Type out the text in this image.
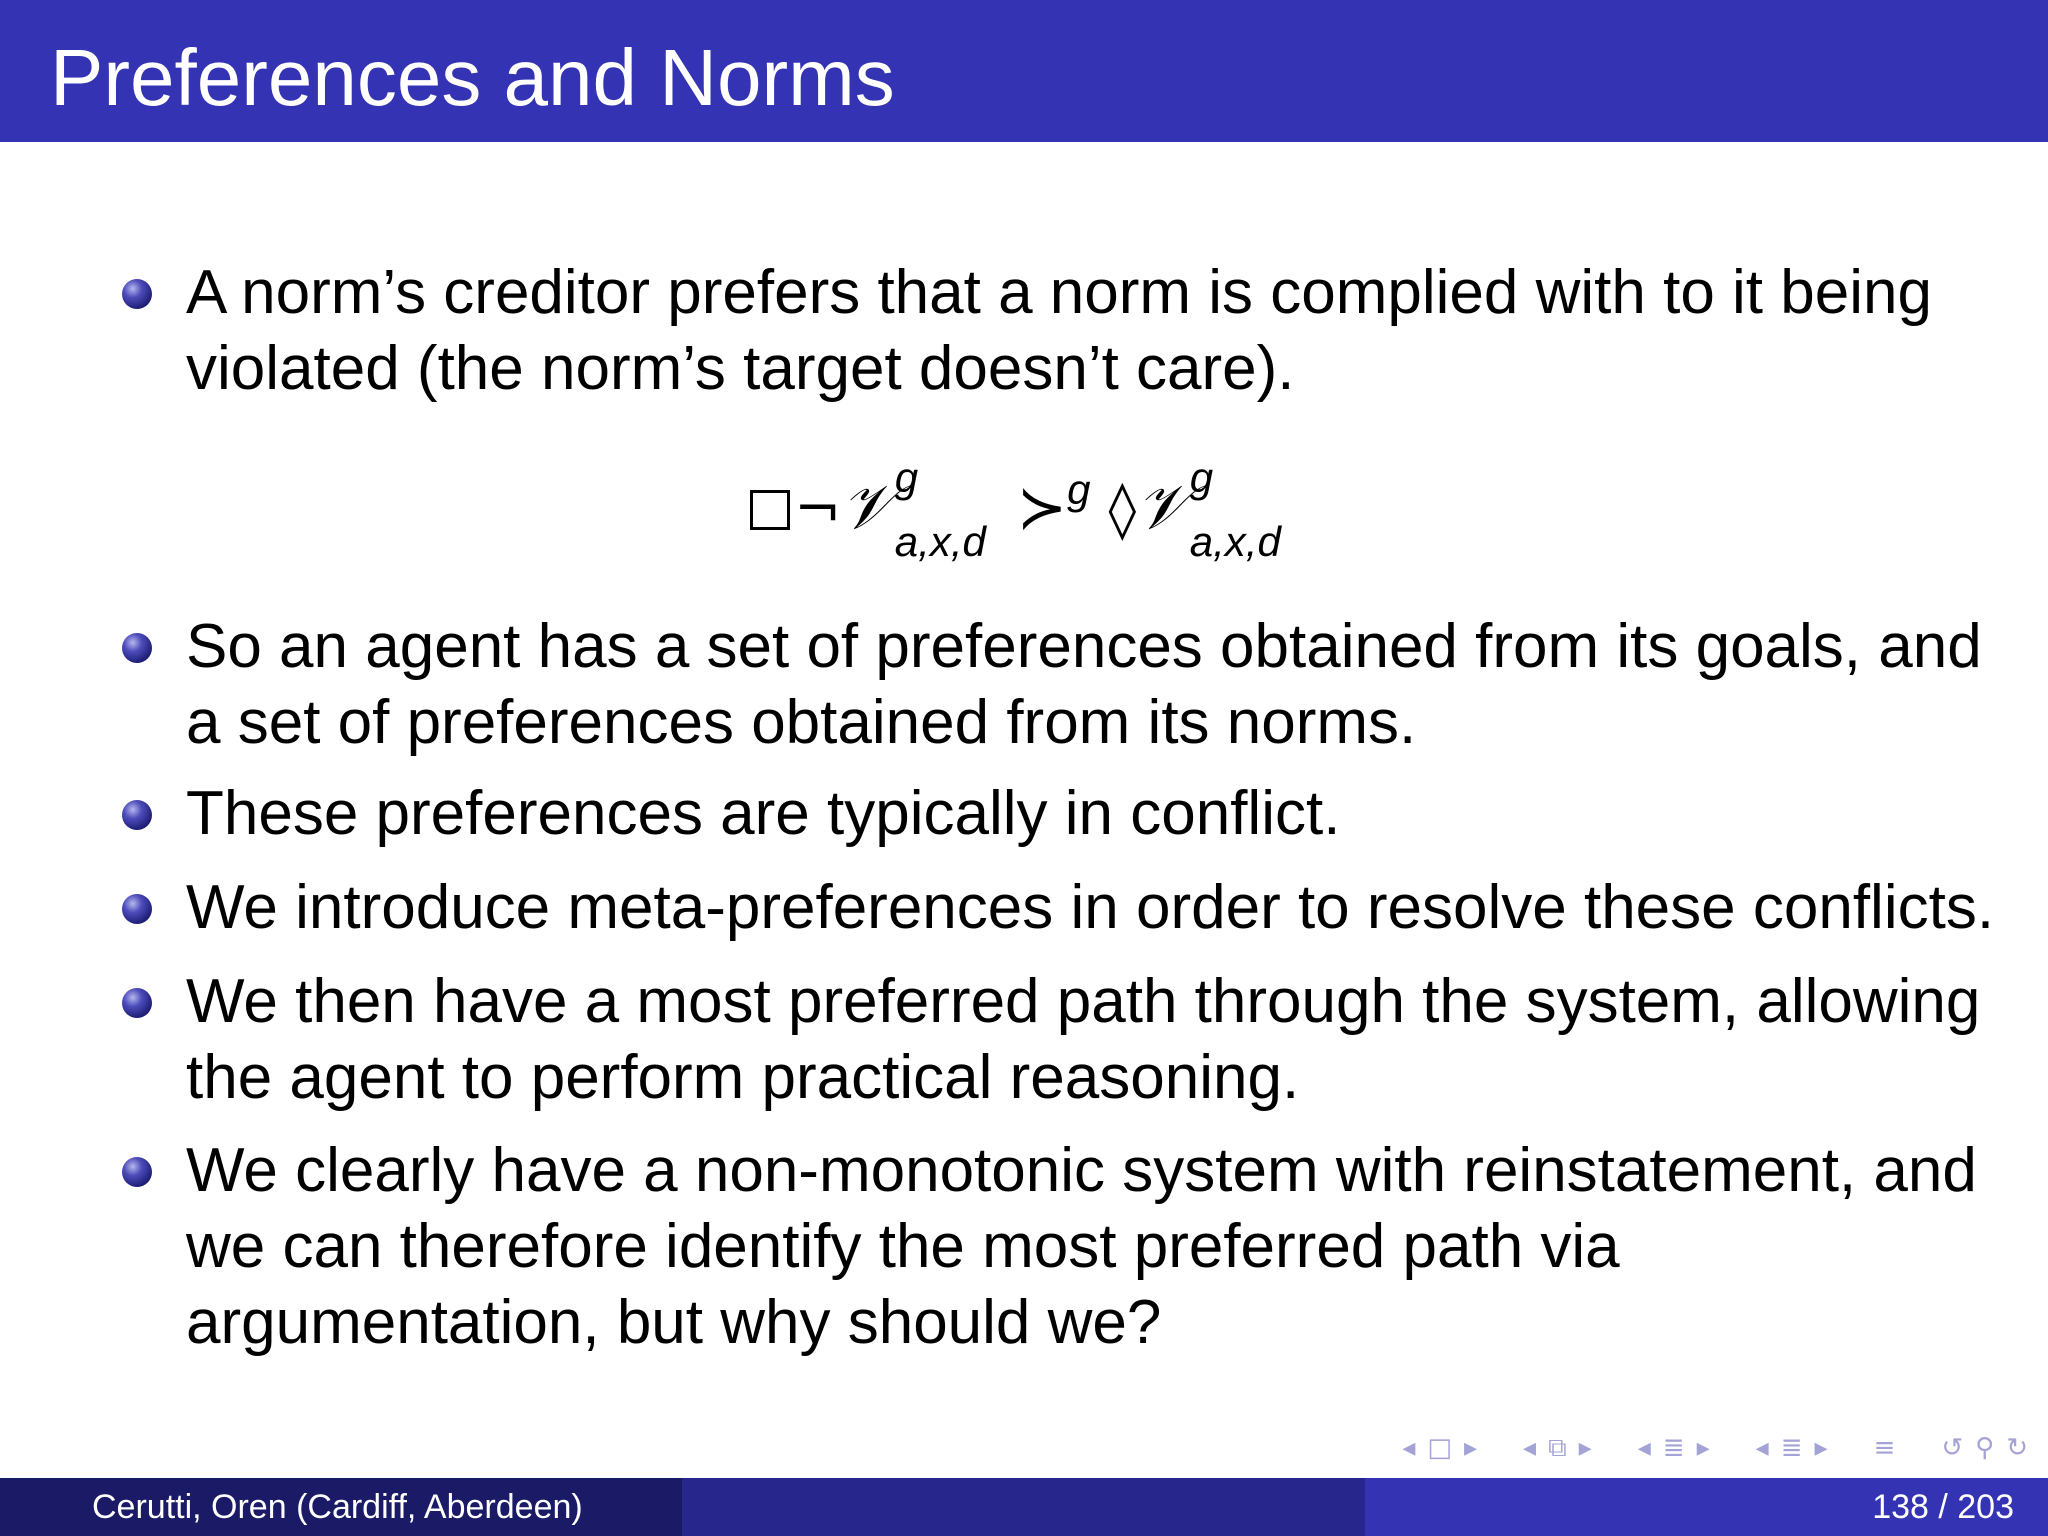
Preferences and Norms
A norm’s creditor prefers that a norm is complied with to it being violated (the norm’s target doesn’t care).
¬𝒱 g
a,x,d ≻g ◊𝒱 g
a,x,d
So an agent has a set of preferences obtained from its goals, and a set of preferences obtained from its norms.
These preferences are typically in conflict.
We introduce meta-preferences in order to resolve these conflicts.
We then have a most preferred path through the system, allowing the agent to perform practical reasoning.
We clearly have a non-monotonic system with reinstatement, and we can therefore identify the most preferred path via argumentation, but why should we?
◂ □ ▸ ◂ ⧉ ▸ ◂ ≣ ▸ ◂ ≣ ▸ ≡ ↺ ⚲ ↻
Cerutti, Oren (Cardiff, Aberdeen)	138 / 203
